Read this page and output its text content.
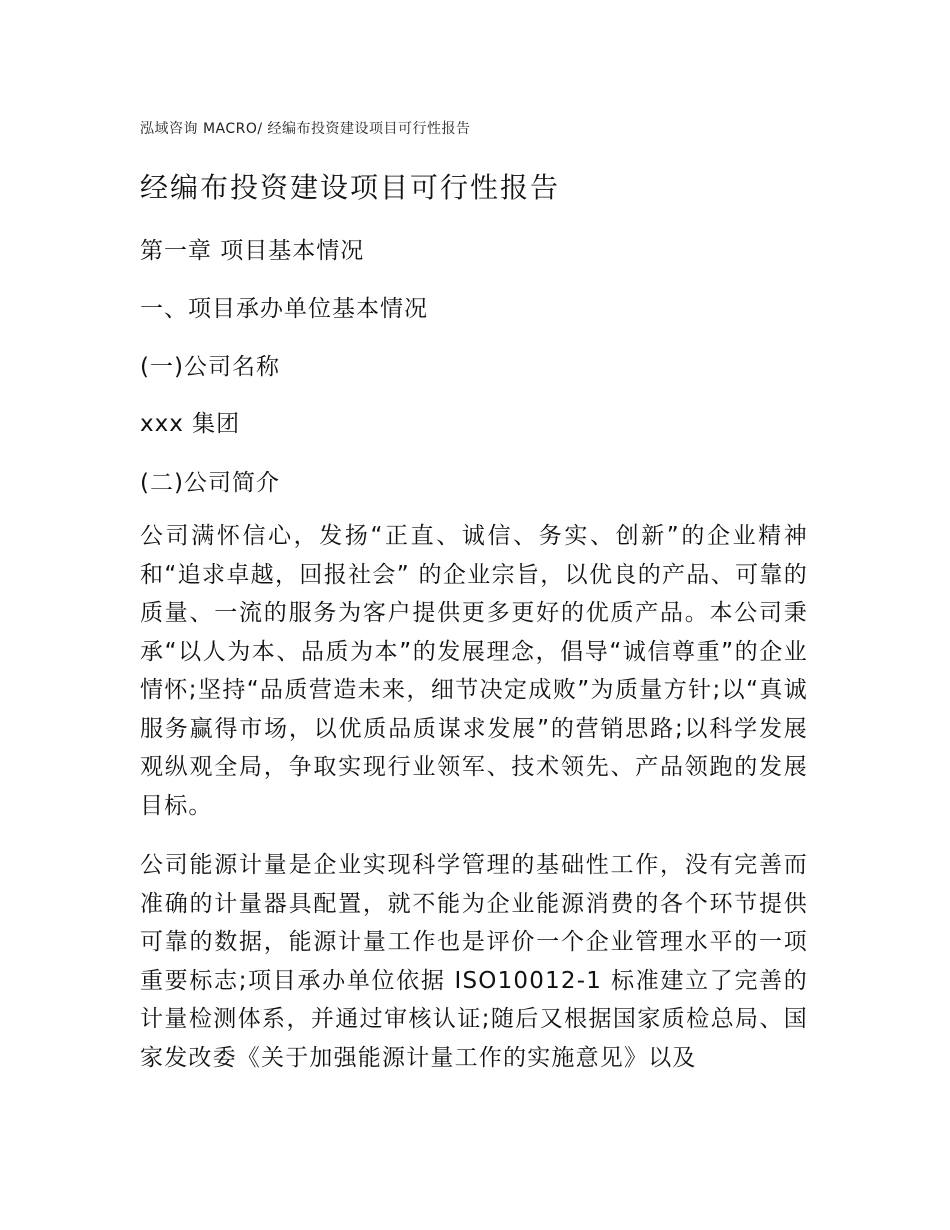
泓域咨询 MACRO/ 经编布投资建设项目可行性报告
经编布投资建设项目可行性报告
第一章 项目基本情况
一、项目承办单位基本情况
(一)公司名称
xxx 集团
(二)公司简介

公司满怀信心，发扬“正直、诚信、务实、创新”的企业精神和“追求卓越，回报社会” 的企业宗旨，以优良的产品、可靠的质量、一流的服务为客户提供更多更好的优质产品。本公司秉承“以人为本、品质为本”的发展理念，倡导“诚信尊重”的企业情怀;坚持“品质营造未来，细节决定成败”为质量方针;以“真诚服务赢得市场，以优质品质谋求发展”的营销思路;以科学发展观纵观全局，争取实现行业领军、技术领先、产品领跑的发展目标。

公司能源计量是企业实现科学管理的基础性工作，没有完善而准确的计量器具配置，就不能为企业能源消费的各个环节提供可靠的数据，能源计量工作也是评价一个企业管理水平的一项重要标志;项目承办单位依据 ISO10012-1 标准建立了完善的计量检测体系，并通过审核认证;随后又根据国家质检总局、国家发改委《关于加强能源计量工作的实施意见》以及
